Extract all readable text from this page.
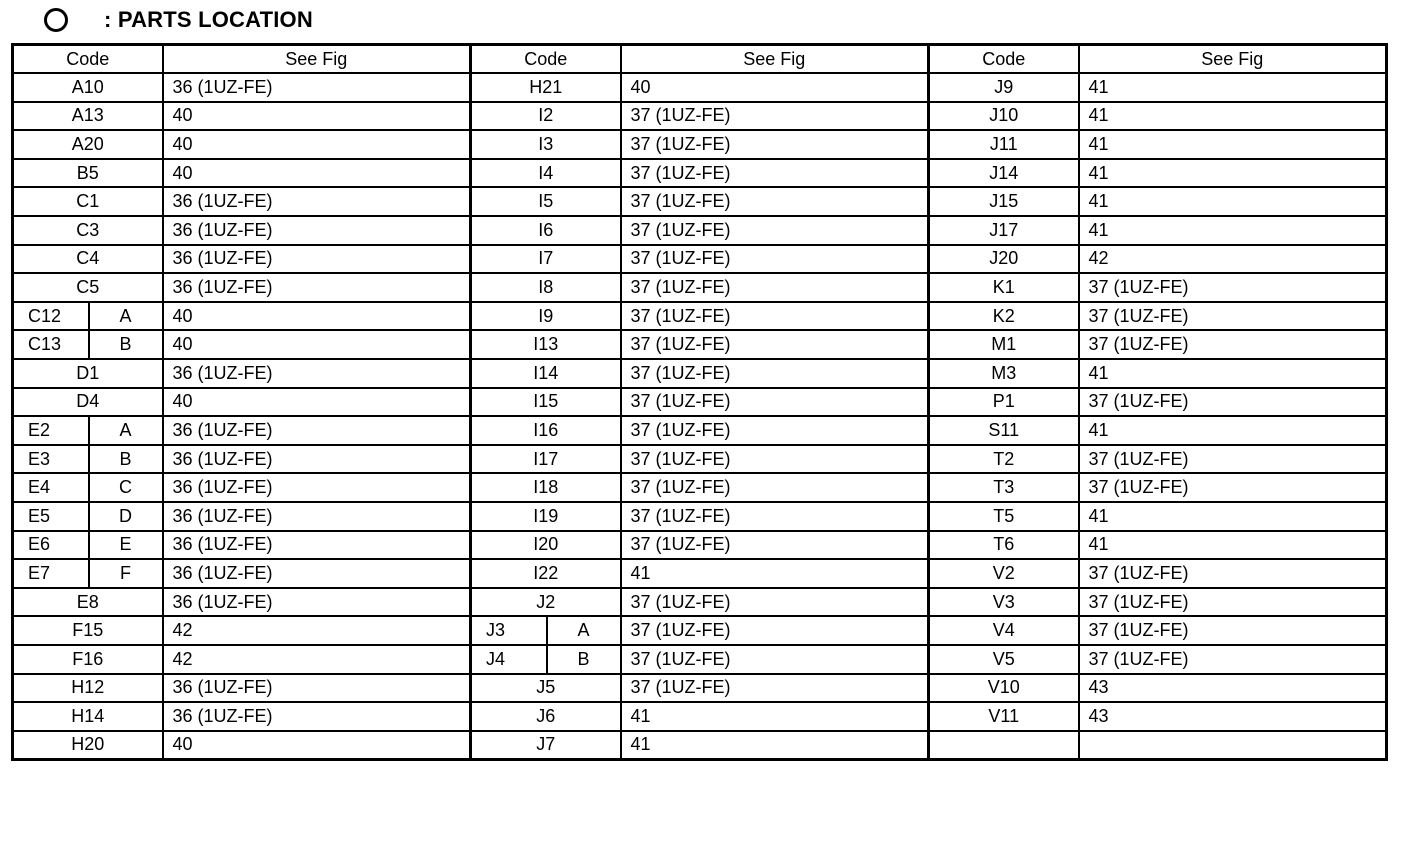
: PARTS LOCATION
Code		See Fig	Code		See Fig	Code	See Fig
A10		36 (1UZ-FE)	H21		40	J9	41
A13		40	I2		37 (1UZ-FE)	J10	41
A20		40	I3		37 (1UZ-FE)	J11	41
B5		40	I4		37 (1UZ-FE)	J14	41
C1		36 (1UZ-FE)	I5		37 (1UZ-FE)	J15	41
C3		36 (1UZ-FE)	I6		37 (1UZ-FE)	J17	41
C4		36 (1UZ-FE)	I7		37 (1UZ-FE)	J20	42
C5		36 (1UZ-FE)	I8		37 (1UZ-FE)	K1	37 (1UZ-FE)
C12	A	40	I9		37 (1UZ-FE)	K2	37 (1UZ-FE)
C13	B	40	I13		37 (1UZ-FE)	M1	37 (1UZ-FE)
D1		36 (1UZ-FE)	I14		37 (1UZ-FE)	M3	41
D4		40	I15		37 (1UZ-FE)	P1	37 (1UZ-FE)
E2	A	36 (1UZ-FE)	I16		37 (1UZ-FE)	S11	41
E3	B	36 (1UZ-FE)	I17		37 (1UZ-FE)	T2	37 (1UZ-FE)
E4	C	36 (1UZ-FE)	I18		37 (1UZ-FE)	T3	37 (1UZ-FE)
E5	D	36 (1UZ-FE)	I19		37 (1UZ-FE)	T5	41
E6	E	36 (1UZ-FE)	I20		37 (1UZ-FE)	T6	41
E7	F	36 (1UZ-FE)	I22		41	V2	37 (1UZ-FE)
E8		36 (1UZ-FE)	J2		37 (1UZ-FE)	V3	37 (1UZ-FE)
F15		42	J3	A	37 (1UZ-FE)	V4	37 (1UZ-FE)
F16		42	J4	B	37 (1UZ-FE)	V5	37 (1UZ-FE)
H12		36 (1UZ-FE)	J5		37 (1UZ-FE)	V10	43
H14		36 (1UZ-FE)	J6		41	V11	43
H20		40	J7		41		
